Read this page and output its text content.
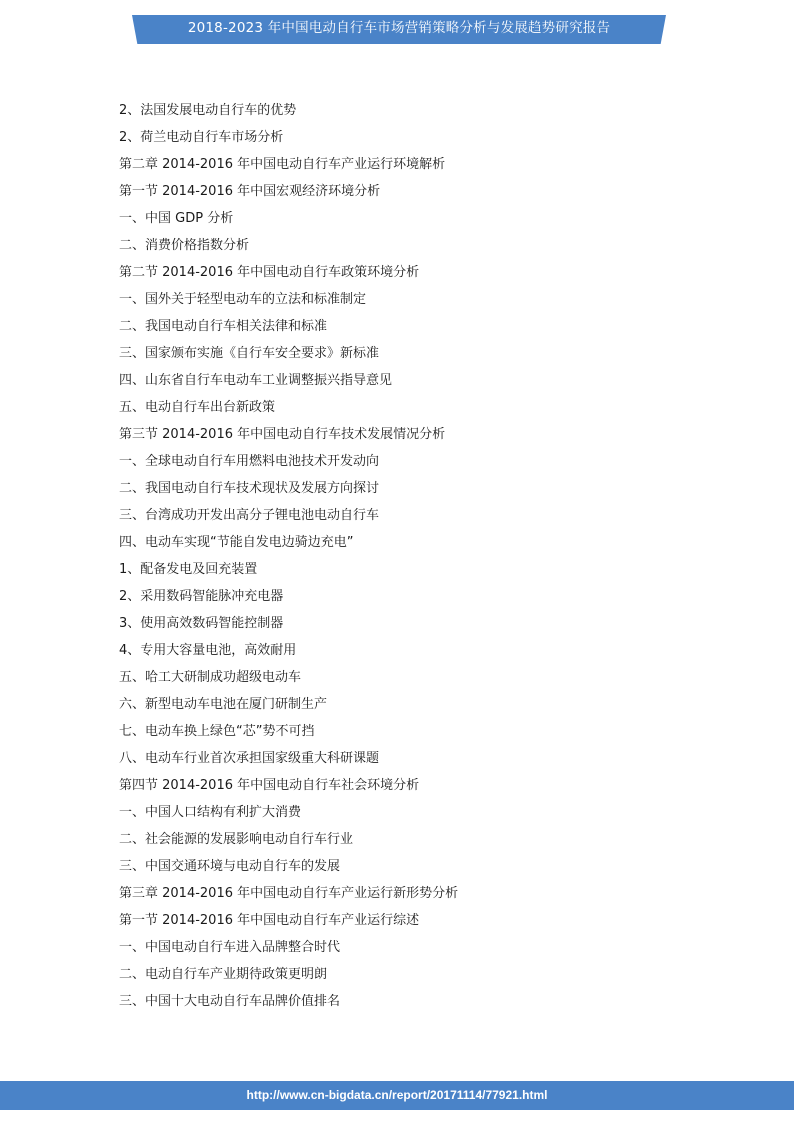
2018-2023 年中国电动自行车市场营销策略分析与发展趋势研究报告
2、法国发展电动自行车的优势
2、荷兰电动自行车市场分析
第二章 2014-2016 年中国电动自行车产业运行环境解析
第一节 2014-2016 年中国宏观经济环境分析
一、中国 GDP 分析
二、消费价格指数分析
第二节 2014-2016 年中国电动自行车政策环境分析
一、国外关于轻型电动车的立法和标准制定
二、我国电动自行车相关法律和标准
三、国家颁布实施《自行车安全要求》新标准
四、山东省自行车电动车工业调整振兴指导意见
五、电动自行车出台新政策
第三节 2014-2016 年中国电动自行车技术发展情况分析
一、全球电动自行车用燃料电池技术开发动向
二、我国电动自行车技术现状及发展方向探讨
三、台湾成功开发出高分子锂电池电动自行车
四、电动车实现“节能自发电边骑边充电”
1、配备发电及回充装置
2、采用数码智能脉冲充电器
3、使用高效数码智能控制器
4、专用大容量电池，高效耐用
五、哈工大研制成功超级电动车
六、新型电动车电池在厦门研制生产
七、电动车换上绿色“芯”势不可挡
八、电动车行业首次承担国家级重大科研课题
第四节 2014-2016 年中国电动自行车社会环境分析
一、中国人口结构有利扩大消费
二、社会能源的发展影响电动自行车行业
三、中国交通环境与电动自行车的发展
第三章 2014-2016 年中国电动自行车产业运行新形势分析
第一节 2014-2016 年中国电动自行车产业运行综述
一、中国电动自行车进入品牌整合时代
二、电动自行车产业期待政策更明朗
三、中国十大电动自行车品牌价值排名
http://www.cn-bigdata.cn/report/20171114/77921.html
